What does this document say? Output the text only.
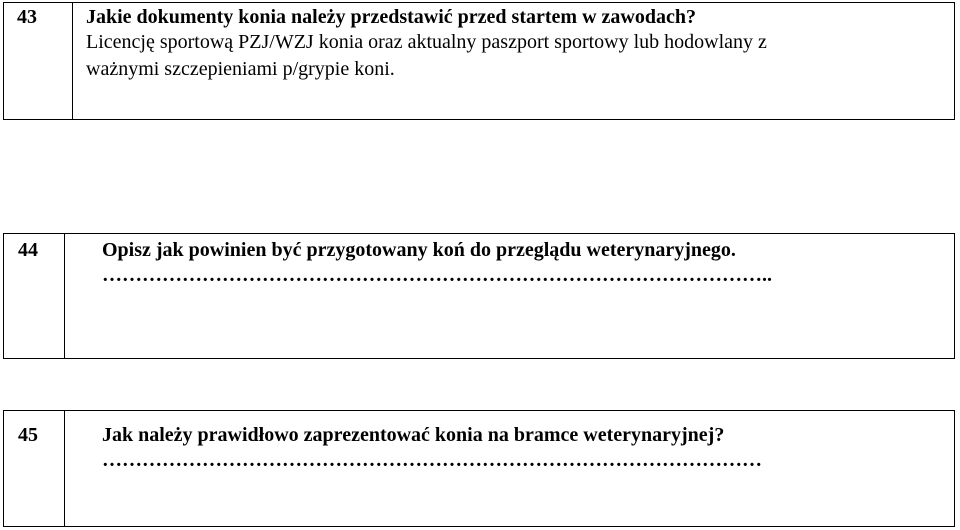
43	Jakie dokumenty konia należy przedstawić przed startem w zawodach?
Licencję sportową PZJ/WZJ konia oraz aktualny paszport sportowy lub hodowlany z
ważnymi szczepieniami p/grypie koni.
44	Opisz jak powinien być przygotowany koń do przeglądu weterynaryjnego.
………………………………………………………………………………………..
45	Jak należy prawidłowo zaprezentować konia na bramce weterynaryjnej?
………………………………………………………………………………………
